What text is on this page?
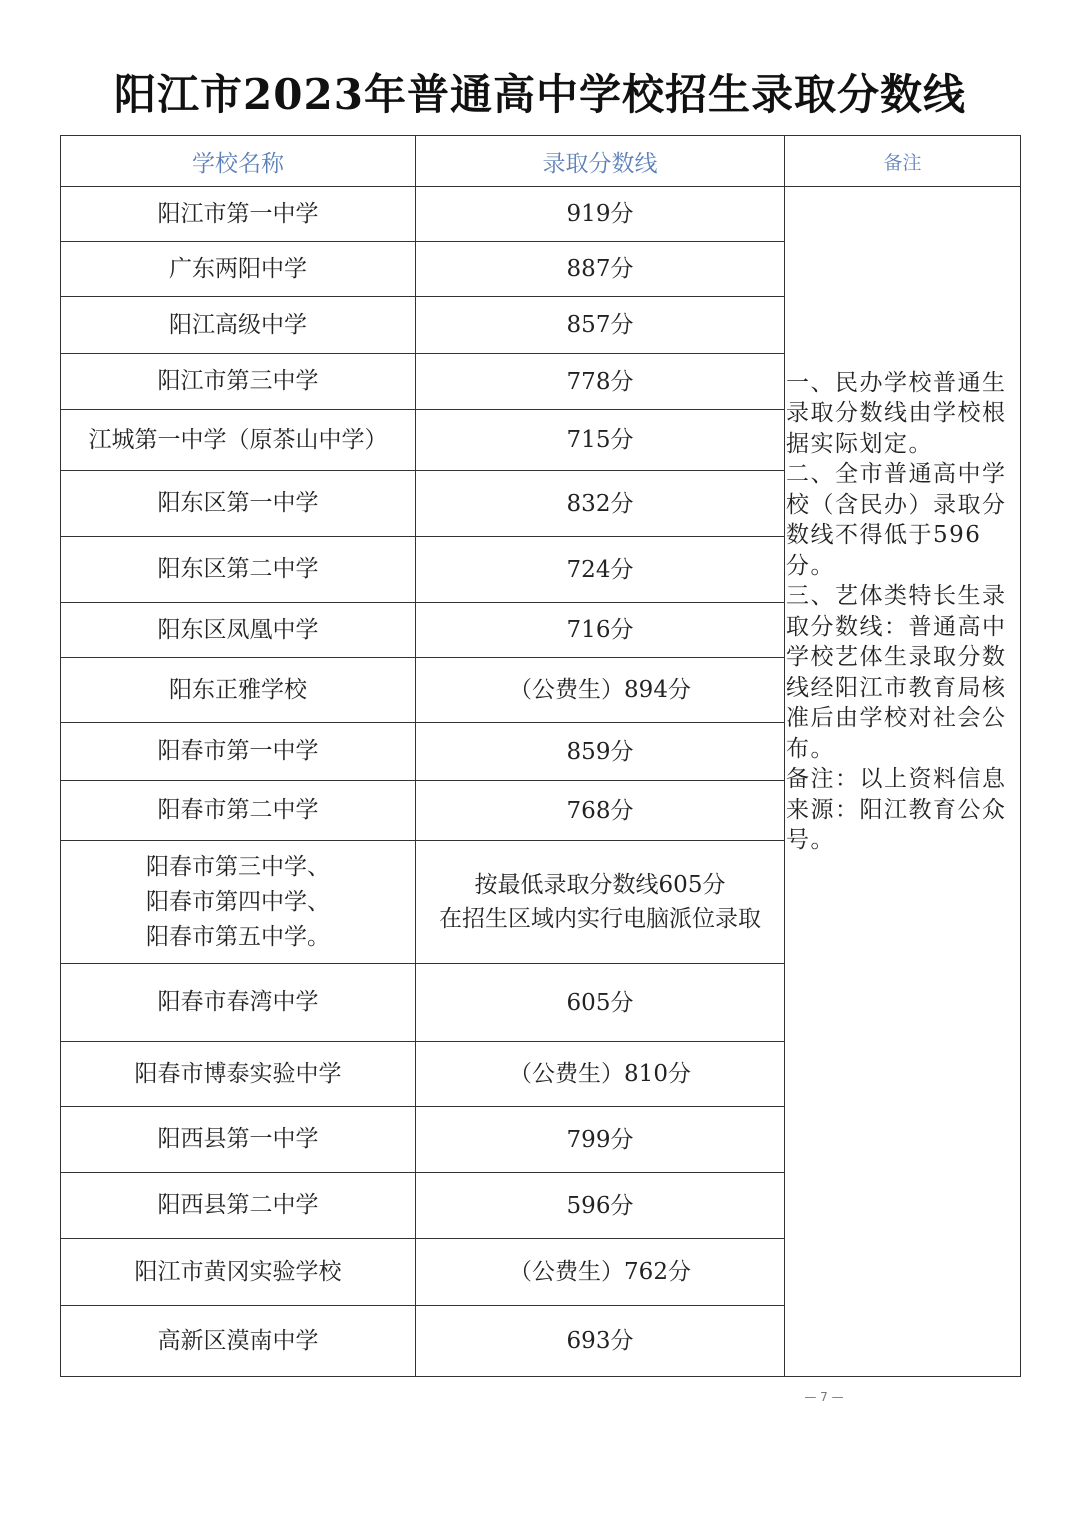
阳江市2023年普通高中学校招生录取分数线
学校名称	录取分数线	备注
阳江市第一中学	919分	一、民办学校普通生录取分数线由学校根据实际划定。
二、全市普通高中学校（含民办）录取分数线不得低于596分。
三、艺体类特长生录取分数线：普通高中学校艺体生录取分数线经阳江市教育局核准后由学校对社会公布。
备注：以上资料信息来源：阳江教育公众号。

广东两阳中学	887分	
阳江高级中学	857分	
阳江市第三中学	778分	
江城第一中学（原茶山中学）	715分	
阳东区第一中学	832分	
阳东区第二中学	724分	
阳东区凤凰中学	716分	
阳东正雅学校	（公费生）894分	
阳春市第一中学	859分	
阳春市第二中学	768分	

阳春市第三中学、
阳春市第四中学、
阳春市第五中学。	按最低录取分数线605分
在招生区域内实行电脑派位录取	

阳春市春湾中学	605分	
阳春市博泰实验中学	（公费生）810分	
阳西县第一中学	799分	
阳西县第二中学	596分	
阳江市黄冈实验学校	（公费生）762分	
高新区漠南中学	693分	
— 7 —
